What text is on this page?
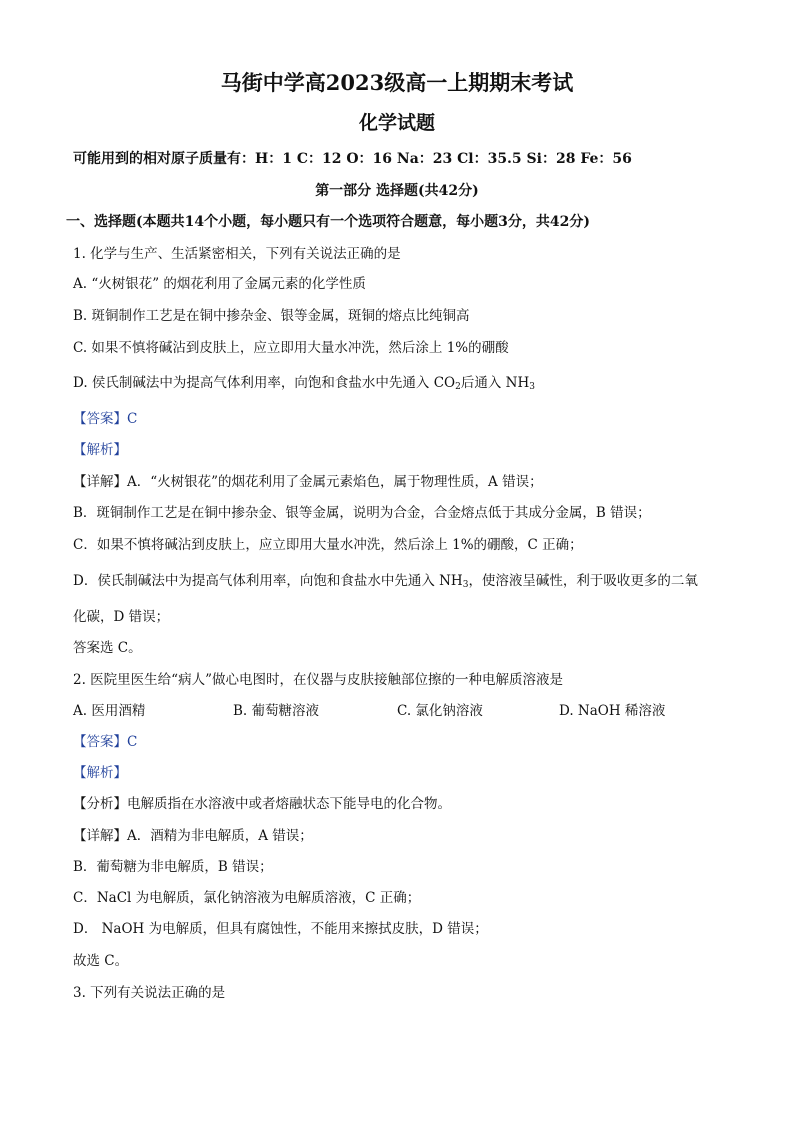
马街中学高2023级高一上期期末考试
化学试题
可能用到的相对原子质量有：H：1 C：12 O：16 Na：23 Cl：35.5 Si：28 Fe：56
第一部分 选择题(共42分)
一、选择题(本题共14个小题，每小题只有一个选项符合题意，每小题3分，共42分)
1. 化学与生产、生活紧密相关，下列有关说法正确的是
A. “火树银花” 的烟花利用了金属元素的化学性质
B. 斑铜制作工艺是在铜中掺杂金、银等金属，斑铜的熔点比纯铜高
C. 如果不慎将碱沾到皮肤上，应立即用大量水冲洗，然后涂上 1%的硼酸
D. 侯氏制碱法中为提高气体利用率，向饱和食盐水中先通入 $CO_2$后通入 $NH_3$
【答案】C
【解析】
【详解】A．“火树银花”的烟花利用了金属元素焰色，属于物理性质，A 错误；
B．斑铜制作工艺是在铜中掺杂金、银等金属，说明为合金，合金熔点低于其成分金属，B 错误；
C．如果不慎将碱沾到皮肤上，应立即用大量水冲洗，然后涂上 1%的硼酸，C 正确；
D．侯氏制碱法中为提高气体利用率，向饱和食盐水中先通入 $NH_3$，使溶液呈碱性，利于吸收更多的二氧
化碳，D 错误；
答案选 C。
2. 医院里医生给“病人”做心电图时，在仪器与皮肤接触部位擦的一种电解质溶液是
A. 医用酒精	B. 葡萄糖溶液	C. 氯化钠溶液	D. NaOH 稀溶液
【答案】C
【解析】
【分析】电解质指在水溶液中或者熔融状态下能导电的化合物。
【详解】A．酒精为非电解质，A 错误；
B．葡萄糖为非电解质，B 错误；
C．NaCl 为电解质，氯化钠溶液为电解质溶液，C 正确；
D． NaOH 为电解质，但具有腐蚀性，不能用来擦拭皮肤，D 错误；
故选 C。
3. 下列有关说法正确的是
